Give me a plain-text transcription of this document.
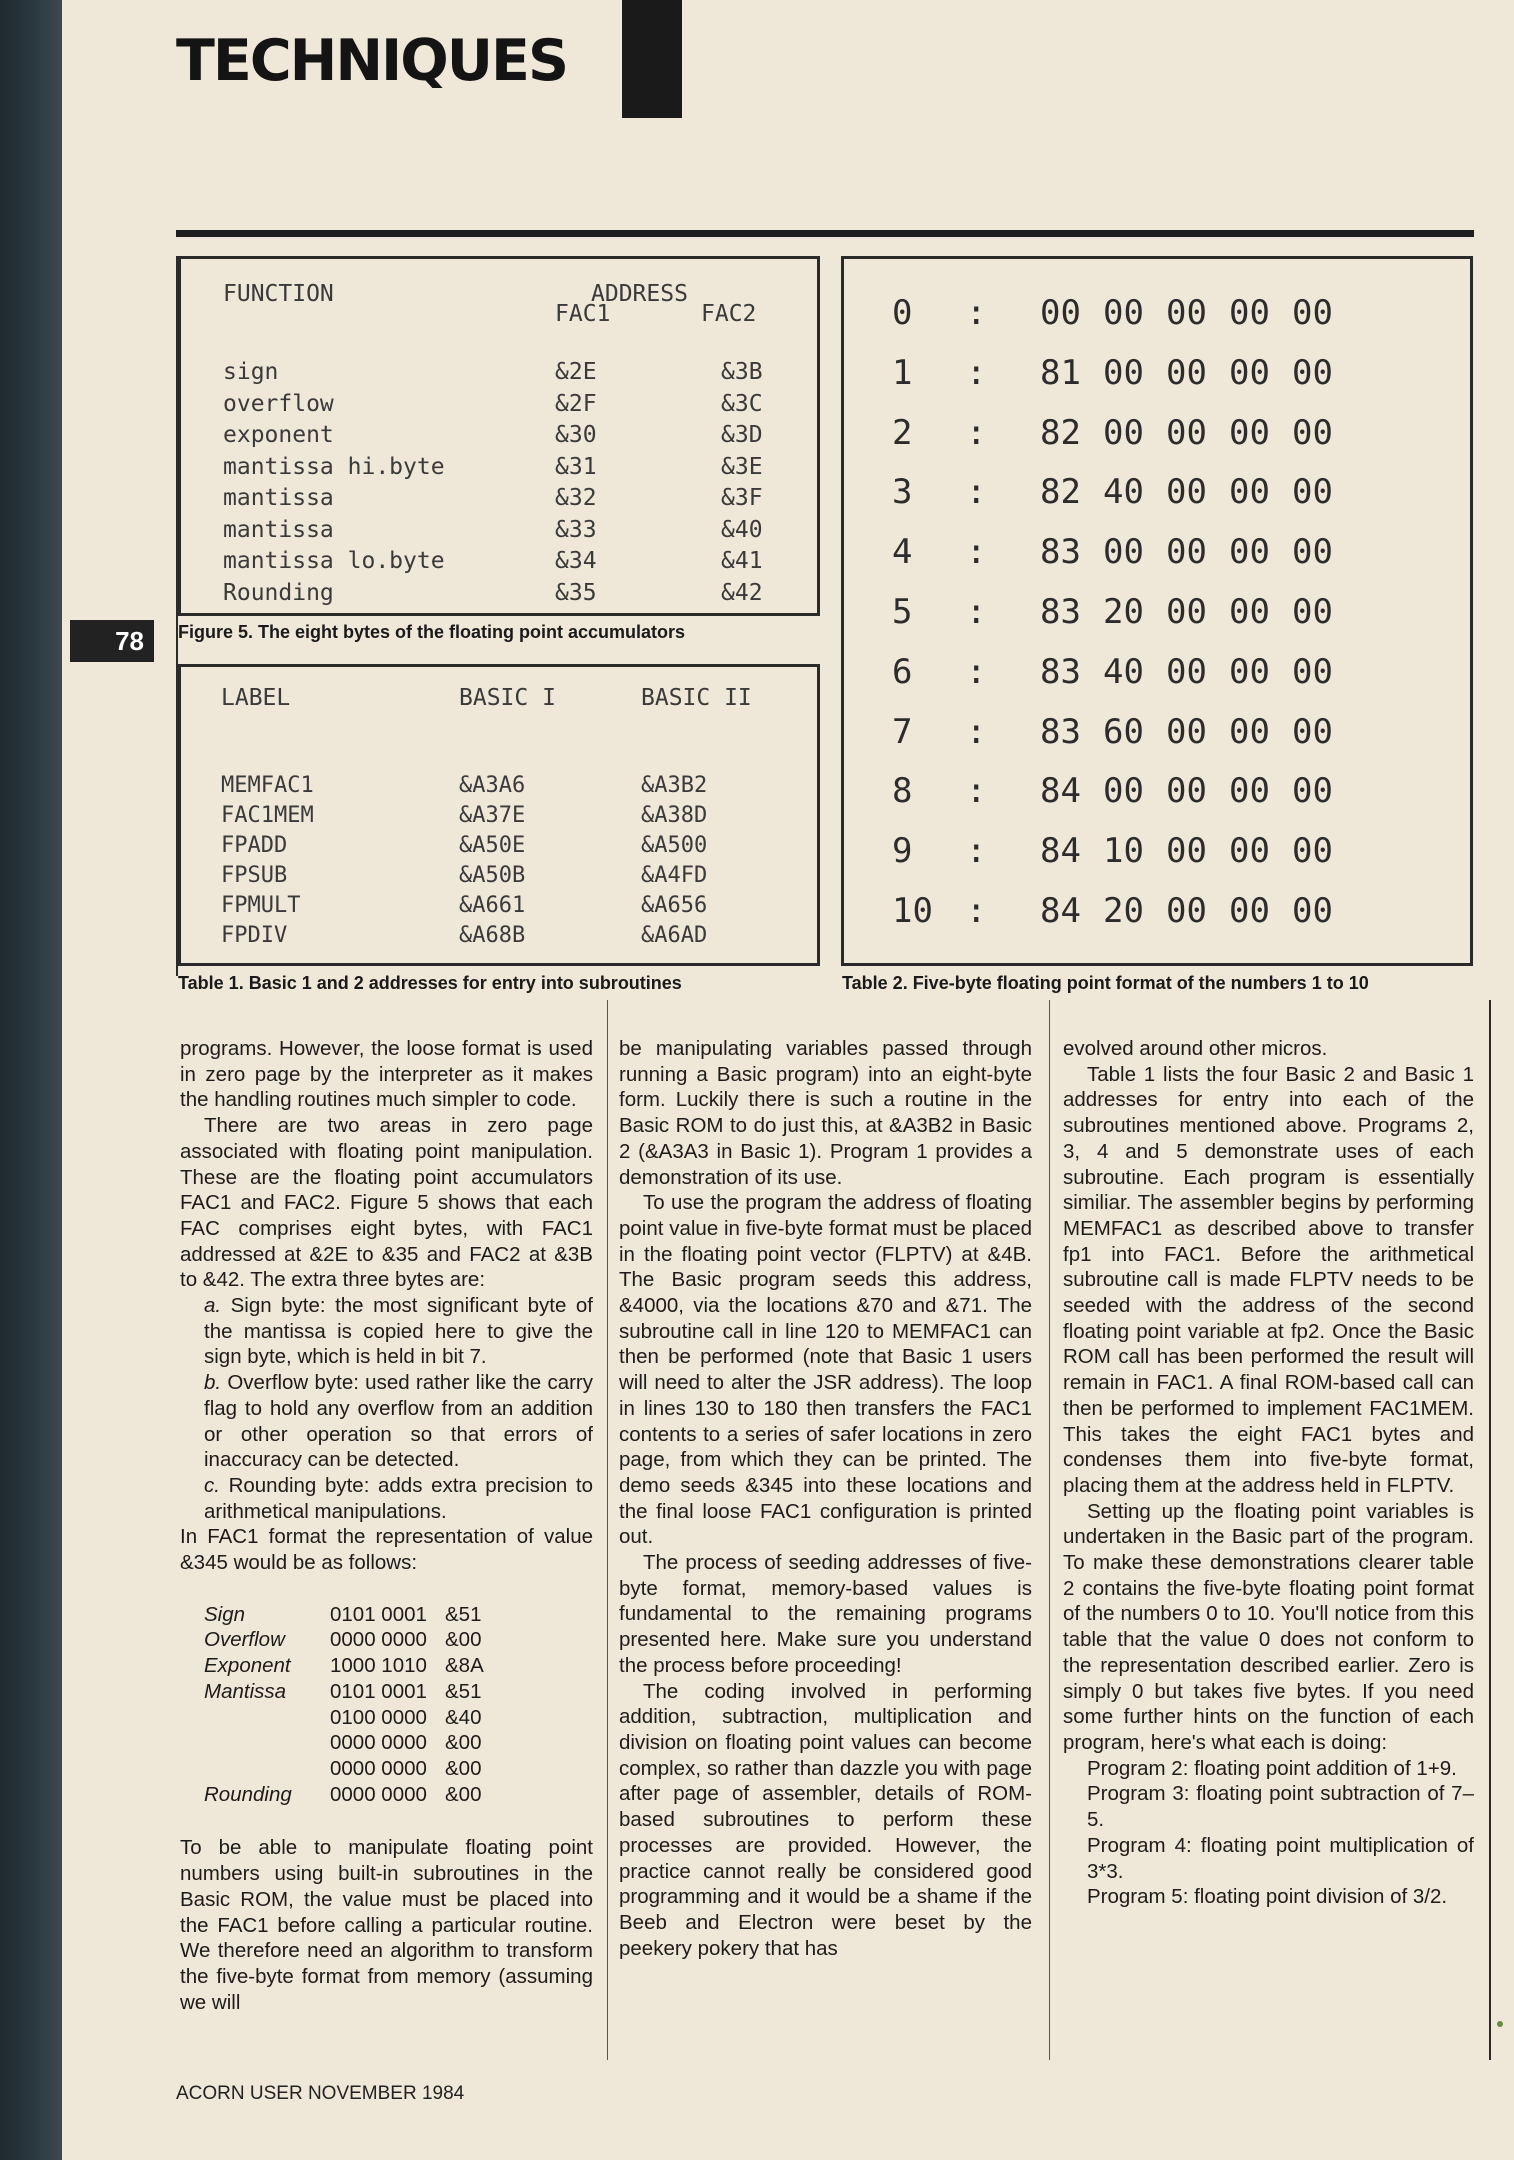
TECHNIQUES
78
FUNCTION	ADDRESS
FAC1	FAC2
sign	&2E	&3B
overflow	&2F	&3C
exponent	&30	&3D
mantissa hi.byte	&31	&3E
mantissa	&32	&3F
mantissa	&33	&40
mantissa lo.byte	&34	&41
Rounding	&35	&42
Figure 5. The eight bytes of the floating point accumulators
LABEL	BASIC I	BASIC II
MEMFAC1	&A3A6	&A3B2
FAC1MEM	&A37E	&A38D
FPADD	&A50E	&A500
FPSUB	&A50B	&A4FD
FPMULT	&A661	&A656
FPDIV	&A68B	&A6AD
Table 1. Basic 1 and 2 addresses for entry into subroutines
0 : 00 00 00 00 00
1 : 81 00 00 00 00
2 : 82 00 00 00 00
3 : 82 40 00 00 00
4 : 83 00 00 00 00
5 : 83 20 00 00 00
6 : 83 40 00 00 00
7 : 83 60 00 00 00
8 : 84 00 00 00 00
9 : 84 10 00 00 00
10 : 84 20 00 00 00
Table 2. Five-byte floating point format of the numbers 1 to 10

programs. However, the loose format is used in zero page by the interpreter as it makes the handling routines much simpler to code.

There are two areas in zero page associated with floating point manipulation. These are the floating point accumulators FAC1 and FAC2. Figure 5 shows that each FAC comprises eight bytes, with FAC1 addressed at &2E to &35 and FAC2 at &3B to &42. The extra three bytes are:

a. Sign byte: the most significant byte of the mantissa is copied here to give the sign byte, which is held in bit 7.

b. Overflow byte: used rather like the carry flag to hold any overflow from an addition or other operation so that errors of inaccuracy can be detected.

c. Rounding byte: adds extra precision to arithmetical manipulations.

In FAC1 format the representation of value &345 would be as follows:

Sign	0101 0001	&51
Overflow	0000 0000	&00
Exponent	1000 1010	&8A
Mantissa	0101 0001	&51
	0100 0000	&40
	0000 0000	&00
	0000 0000	&00
Rounding	0000 0000	&00

To be able to manipulate floating point numbers using built-in subroutines in the Basic ROM, the value must be placed into the FAC1 before calling a particular routine. We therefore need an algorithm to transform the five-byte format from memory (assuming we will

be manipulating variables passed through running a Basic program) into an eight-byte form. Luckily there is such a routine in the Basic ROM to do just this, at &A3B2 in Basic 2 (&A3A3 in Basic 1). Program 1 provides a demonstration of its use.

To use the program the address of floating point value in five-byte format must be placed in the floating point vector (FLPTV) at &4B. The Basic program seeds this address, &4000, via the locations &70 and &71. The subroutine call in line 120 to MEMFAC1 can then be performed (note that Basic 1 users will need to alter the JSR address). The loop in lines 130 to 180 then transfers the FAC1 contents to a series of safer locations in zero page, from which they can be printed. The demo seeds &345 into these locations and the final loose FAC1 configuration is printed out.

The process of seeding addresses of five-byte format, memory-based values is fundamental to the remaining programs presented here. Make sure you understand the process before proceeding!

The coding involved in performing addition, subtraction, multiplication and division on floating point values can become complex, so rather than dazzle you with page after page of assembler, details of ROM-based subroutines to perform these processes are provided. However, the practice cannot really be considered good programming and it would be a shame if the Beeb and Electron were beset by the peekery pokery that has

evolved around other micros.

Table 1 lists the four Basic 2 and Basic 1 addresses for entry into each of the subroutines mentioned above. Programs 2, 3, 4 and 5 demonstrate uses of each subroutine. Each program is essentially similiar. The assembler begins by performing MEMFAC1 as described above to transfer fp1 into FAC1. Before the arithmetical subroutine call is made FLPTV needs to be seeded with the address of the second floating point variable at fp2. Once the Basic ROM call has been performed the result will remain in FAC1. A final ROM-based call can then be performed to implement FAC1MEM. This takes the eight FAC1 bytes and condenses them into five-byte format, placing them at the address held in FLPTV.

Setting up the floating point variables is undertaken in the Basic part of the program. To make these demonstrations clearer table 2 contains the five-byte floating point format of the numbers 0 to 10. You'll notice from this table that the value 0 does not conform to the representation described earlier. Zero is simply 0 but takes five bytes. If you need some further hints on the function of each program, here's what each is doing:

Program 2: floating point addition of 1+9.

Program 3: floating point subtraction of 7–5.

Program 4: floating point multiplication of 3*3.

Program 5: floating point division of 3/2.

ACORN USER NOVEMBER 1984
